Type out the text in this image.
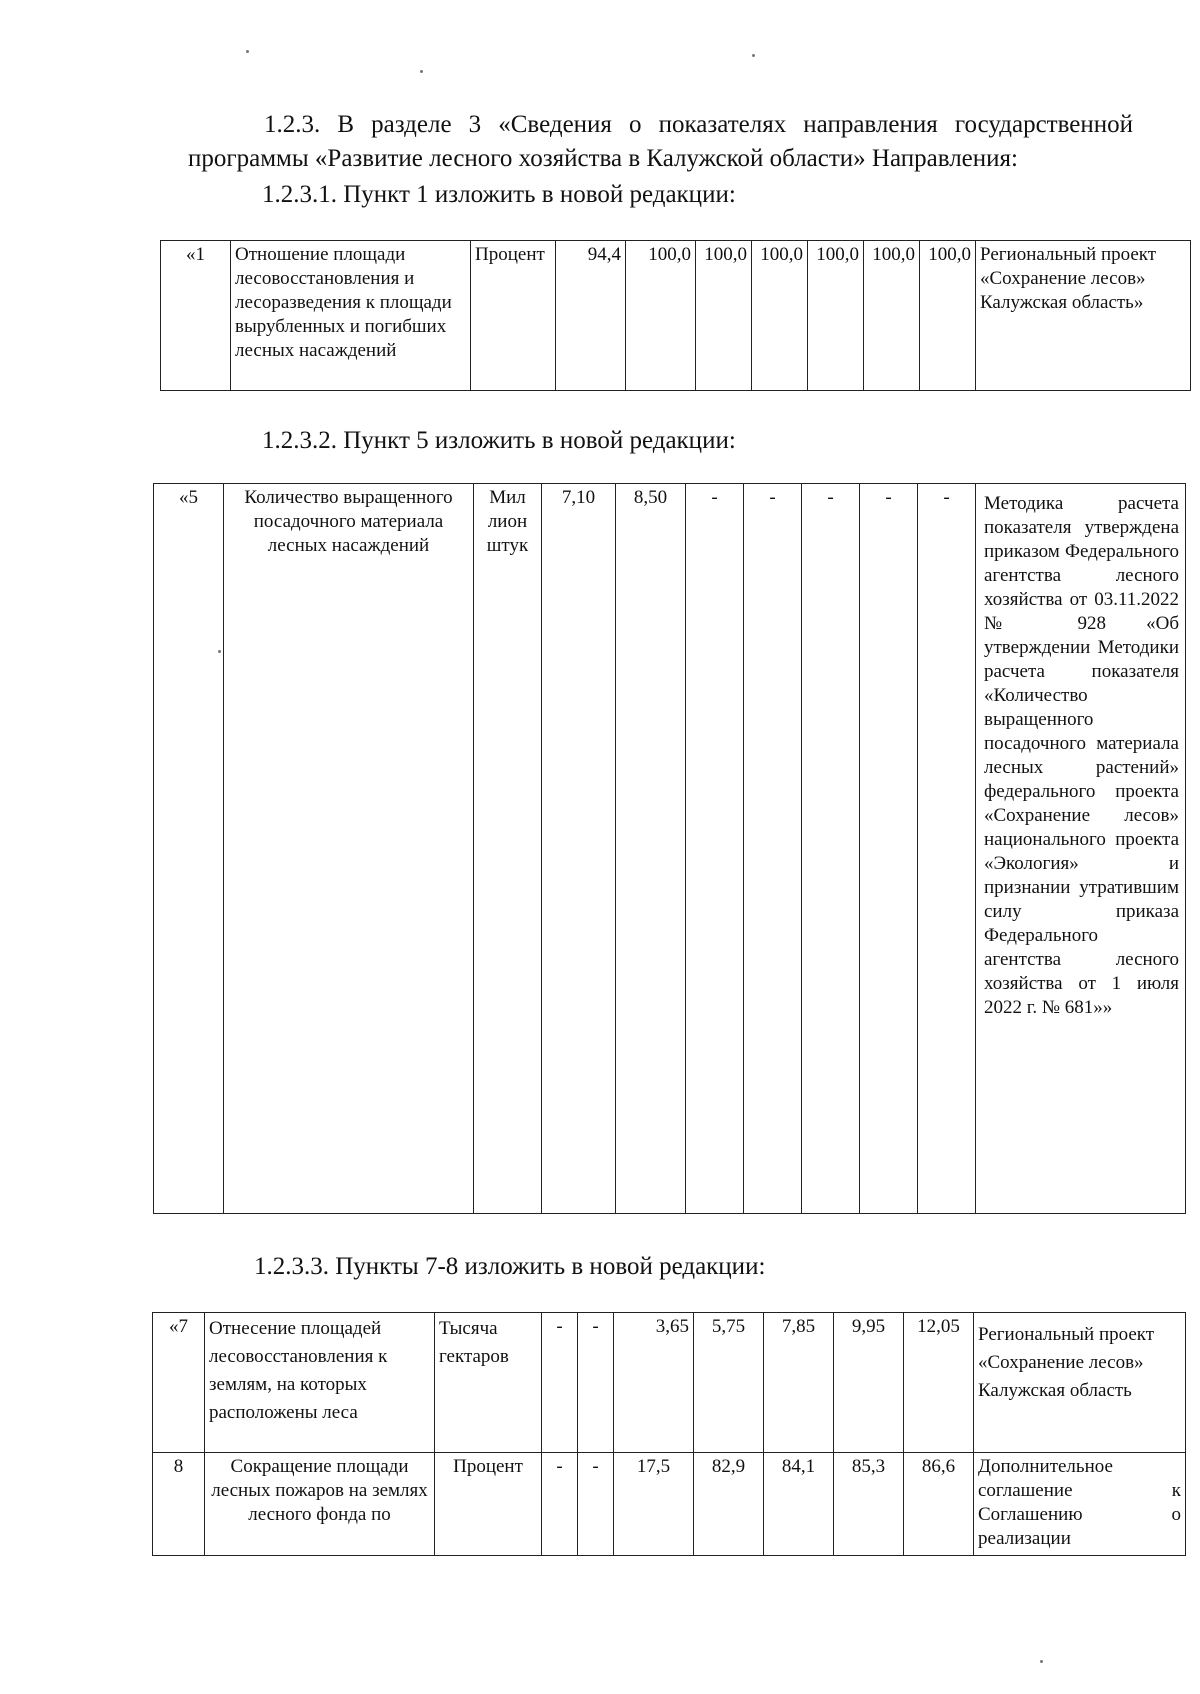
1.2.3. В разделе 3 «Сведения о показателях направления государственной программы «Развитие лесного хозяйства в Калужской области» Направления:

1.2.3.1. Пункт 1 изложить в новой редакции:

«1	Отношение площади лесовосстановления и лесоразведения к площади вырубленных и погибших лесных насаждений	Процент	94,4	100,0	100,0	100,0	100,0	100,0	100,0	Региональный проект «Сохранение лесов» Калужская область»

1.2.3.2. Пункт 5 изложить в новой редакции:

«5	Количество выращенного посадочного материала лесных насаждений	Мил лион штук	7,10	8,50	-	-	-	-	-	Методика расчета показателя утверждена приказом Федерального агентства лесного хозяйства от 03.11.2022 № 928 «Об утверждении Методики расчета показателя «Количество выращенного посадочного материала лесных растений» федерального проекта «Сохранение лесов» национального проекта «Экология» и признании утратившим силу приказа Федерального агентства лесного хозяйства от 1 июля 2022 г. № 681»»

1.2.3.3. Пункты 7-8 изложить в новой редакции:

«7	Отнесение площадей лесовосстановления к землям, на которых расположены леса	Тысяча гектаров	-	-	3,65	5,75	7,85	9,95	12,05	Региональный проект «Сохранение лесов» Калужская область
8	Сокращение площади лесных пожаров на землях лесного фонда по	Процент	-	-	17,5	82,9	84,1	85,3	86,6	Дополнительное соглашение к Соглашению о реализации
